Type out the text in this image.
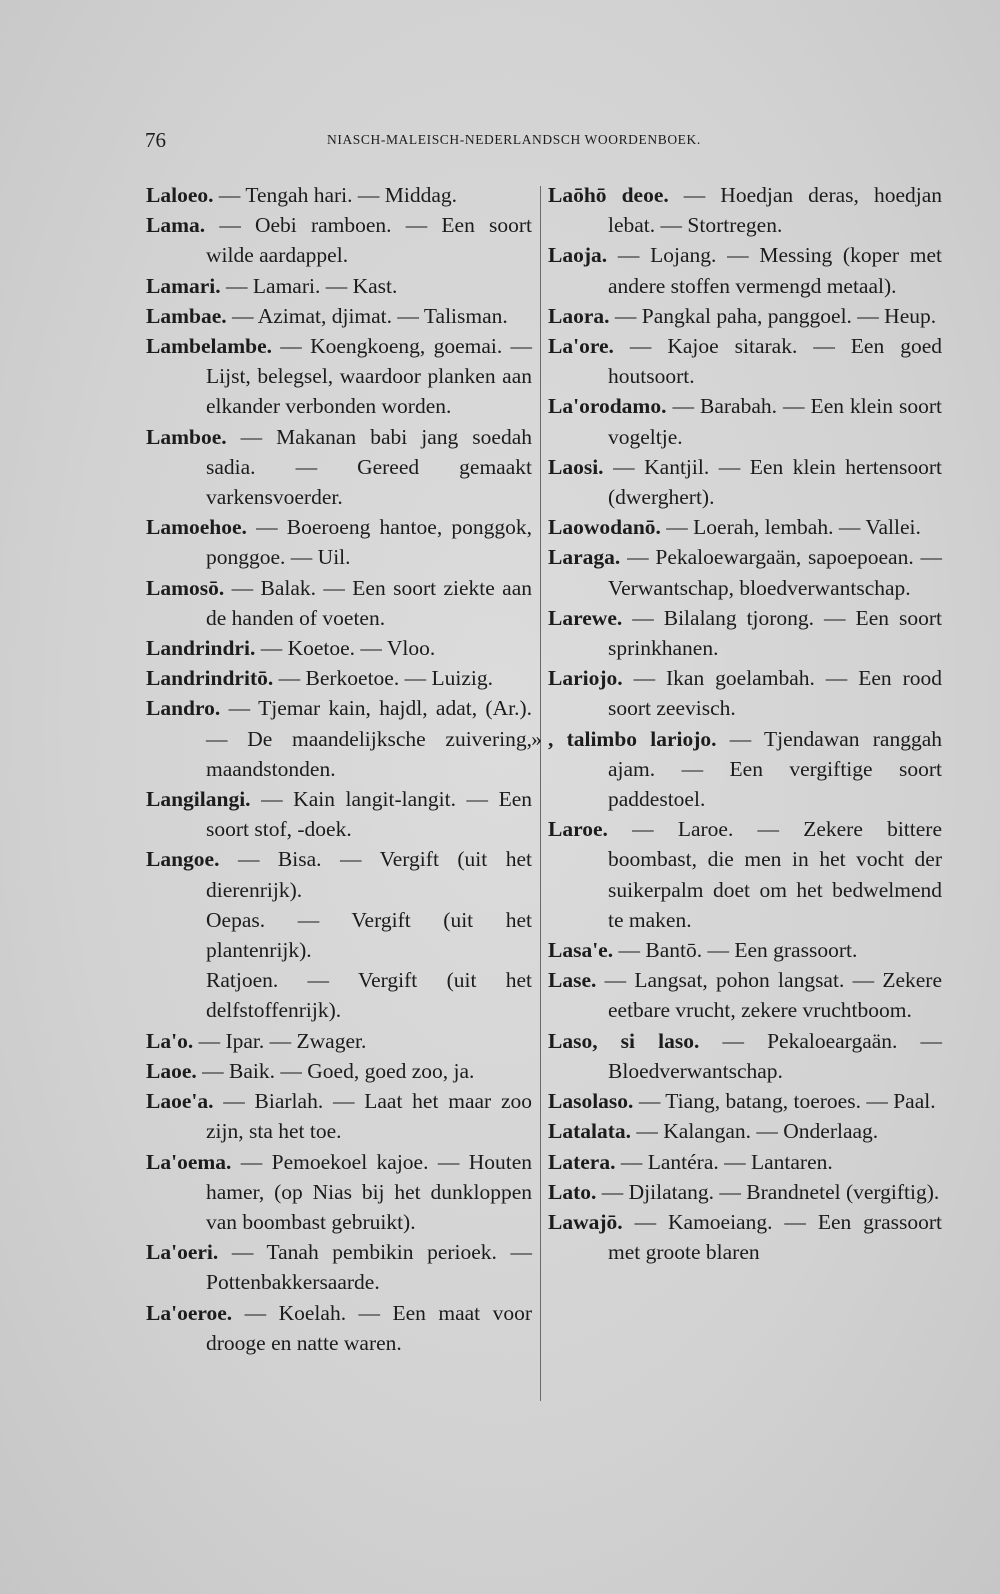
76	NIASCH-MALEISCH-NEDERLANDSCH WOORDENBOEK.

Laloeo. — Tengah hari. — Middag.

Lama. — Oebi ramboen. — Een soort wilde aardappel.

Lamari. — Lamari. — Kast.

Lambae. — Azimat, djimat. — Talisman.

Lambelambe. — Koengkoeng, goemai. — Lijst, belegsel, waardoor planken aan elkander verbonden worden.

Lamboe. — Makanan babi jang soedah sadia. — Gereed gemaakt varkensvoerder.

Lamoehoe. — Boeroeng hantoe, ponggok, ponggoe. — Uil.

Lamosō. — Balak. — Een soort ziekte aan de handen of voeten.

Landrindri. — Koetoe. — Vloo.

Landrindritō. — Berkoetoe. — Luizig.

Landro. — Tjemar kain, hajdl, adat, (Ar.). — De maandelijksche zuivering, maandstonden.

Langilangi. — Kain langit-langit. — Een soort stof, -doek.

Langoe. — Bisa. — Vergift (uit het dierenrijk).

Oepas. — Vergift (uit het plantenrijk).

Ratjoen. — Vergift (uit het delfstoffenrijk).

La'o. — Ipar. — Zwager.

Laoe. — Baik. — Goed, goed zoo, ja.

Laoe'a. — Biarlah. — Laat het maar zoo zijn, sta het toe.

La'oema. — Pemoekoel kajoe. — Houten hamer, (op Nias bij het dunkloppen van boombast gebruikt).

La'oeri. — Tanah pembikin perioek. — Pottenbakkersaarde.

La'oeroe. — Koelah. — Een maat voor drooge en natte waren.

Laōhō deoe. — Hoedjan deras, hoedjan lebat. — Stortregen.

Laoja. — Lojang. — Messing (koper met andere stoffen vermengd metaal).

Laora. — Pangkal paha, panggoel. — Heup.

La'ore. — Kajoe sitarak. — Een goed houtsoort.

La'orodamo. — Barabah. — Een klein soort vogeltje.

Laosi. — Kantjil. — Een klein hertensoort (dwerghert).

Laowodanō. — Loerah, lembah. — Vallei.

Laraga. — Pekaloewargaän, sapoepoean. — Verwantschap, bloedverwantschap.

Larewe. — Bilalang tjorong. — Een soort sprinkhanen.

Lariojo. — Ikan goelambah. — Een rood soort zeevisch.

» , talimbo lariojo. — Tjendawan ranggah ajam. — Een vergiftige soort paddestoel.

Laroe. — Laroe. — Zekere bittere boombast, die men in het vocht der suikerpalm doet om het bedwelmend te maken.

Lasa'e. — Bantō. — Een grassoort.

Lase. — Langsat, pohon langsat. — Zekere eetbare vrucht, zekere vruchtboom.

Laso, si laso. — Pekaloeargaän. — Bloedverwantschap.

Lasolaso. — Tiang, batang, toeroes. — Paal.

Latalata. — Kalangan. — Onderlaag.

Latera. — Lantéra. — Lantaren.

Lato. — Djilatang. — Brandnetel (vergiftig).

Lawajō. — Kamoeiang. — Een grassoort met groote blaren
